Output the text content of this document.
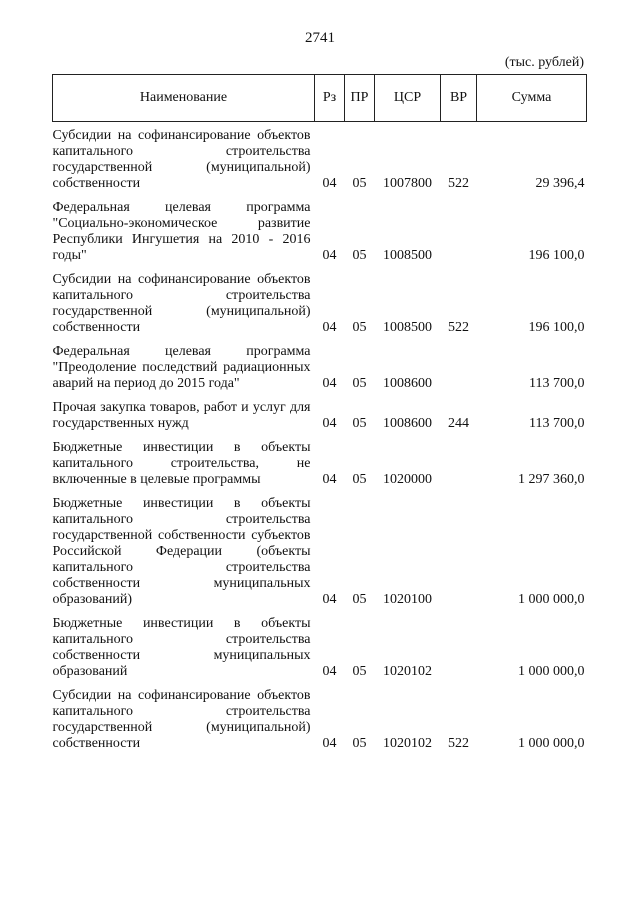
2741
(тыс. рублей)
Наименование	Рз	ПР	ЦСР	ВР	Сумма
Субсидии на софинансирование объектов капитального строительства государственной (муниципальной) собственности	04	05	1007800	522	29 396,4
Федеральная целевая программа "Социально-экономическое развитие Республики Ингушетия на 2010 - 2016 годы"	04	05	1008500		196 100,0
Субсидии на софинансирование объектов капитального строительства государственной (муниципальной) собственности	04	05	1008500	522	196 100,0
Федеральная целевая программа "Преодоление последствий радиационных аварий на период до 2015 года"	04	05	1008600		113 700,0
Прочая закупка товаров, работ и услуг для государственных нужд	04	05	1008600	244	113 700,0
Бюджетные инвестиции в объекты капитального строительства, не включенные в целевые программы	04	05	1020000		1 297 360,0
Бюджетные инвестиции в объекты капитального строительства государственной собственности субъектов Российской Федерации (объекты капитального строительства собственности муниципальных образований)	04	05	1020100		1 000 000,0
Бюджетные инвестиции в объекты капитального строительства собственности муниципальных образований	04	05	1020102		1 000 000,0
Субсидии на софинансирование объектов капитального строительства государственной (муниципальной) собственности	04	05	1020102	522	1 000 000,0
